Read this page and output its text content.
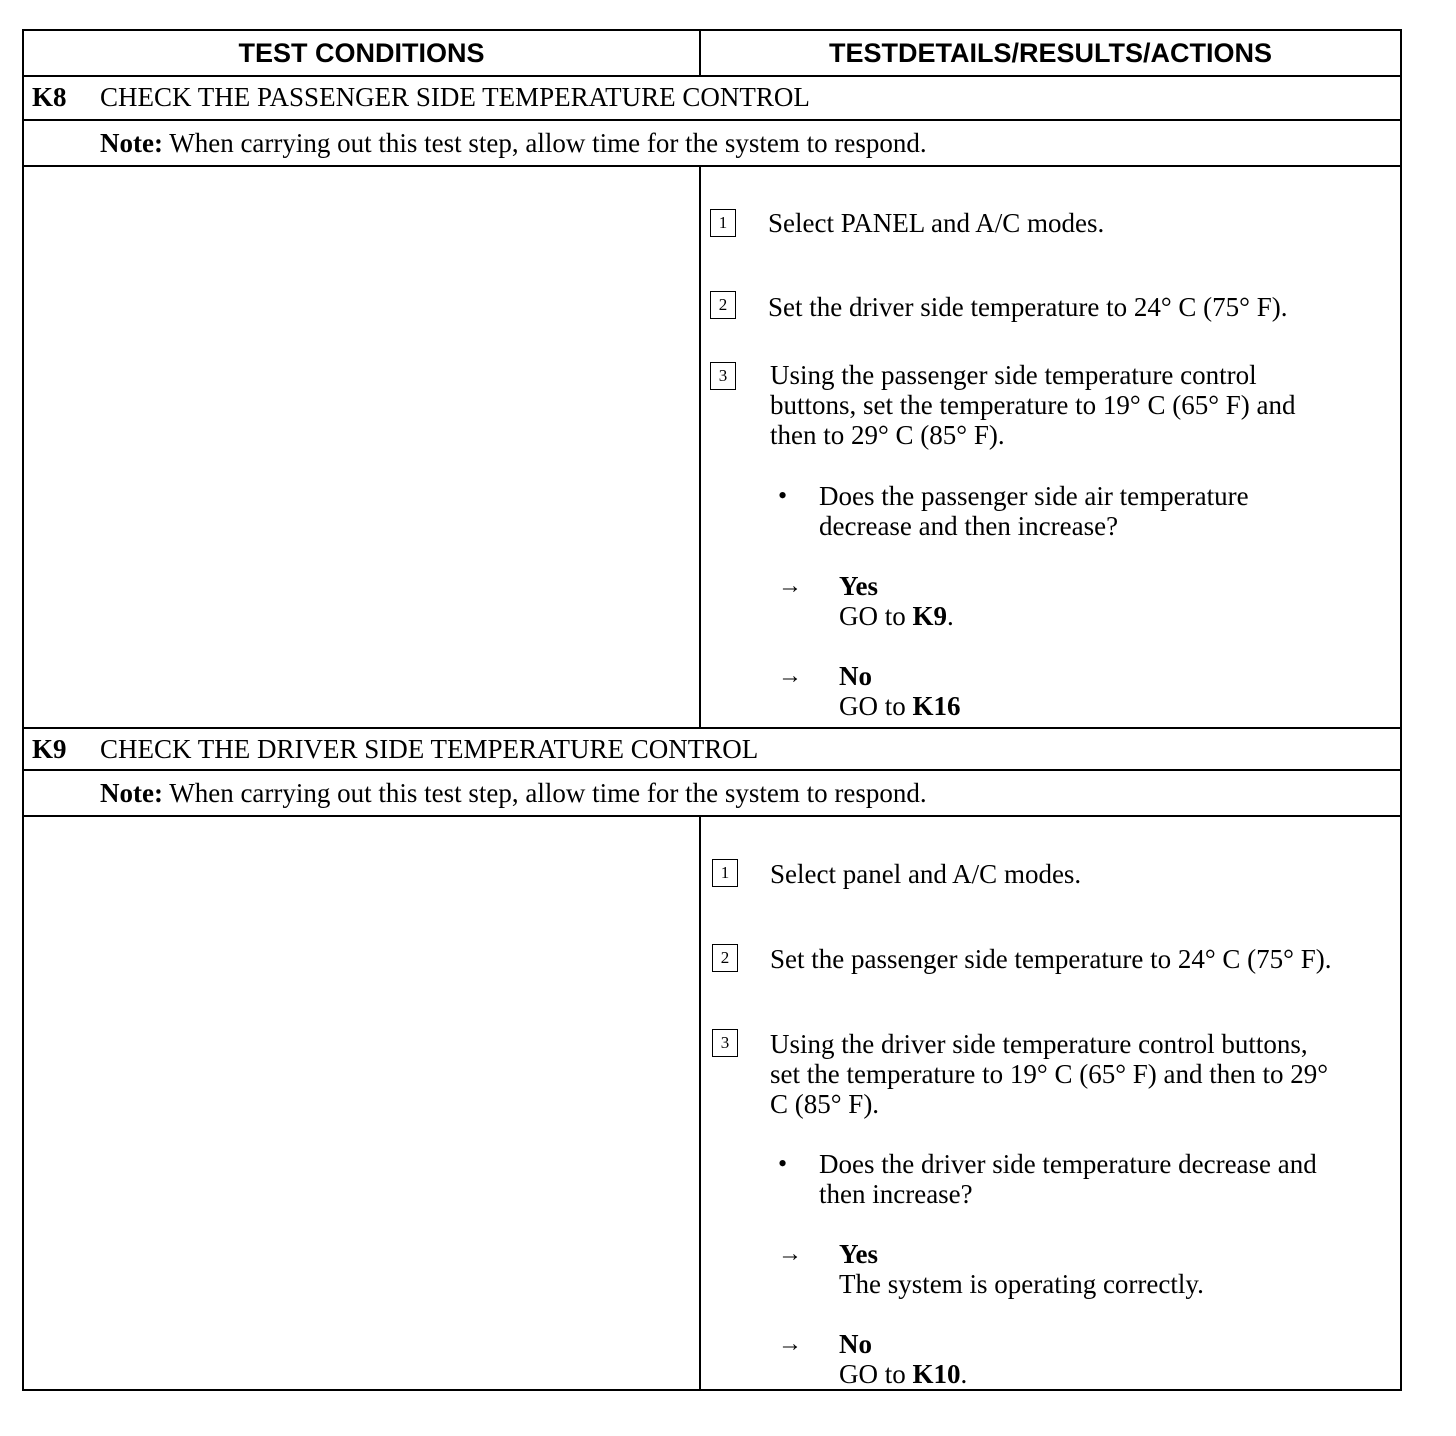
TEST CONDITIONS	TESTDETAILS/RESULTS/ACTIONS
K8 CHECK THE PASSENGER SIDE TEMPERATURE CONTROL
Note: When carrying out this test step, allow time for the system to respond.
1	Select PANEL and A/C modes.
2	Set the driver side temperature to 24° C (75° F).
3	Using the passenger side temperature control
buttons, set the temperature to 19° C (65° F) and
then to 29° C (85° F).
• Does the passenger side air temperature
decrease and then increase?
→ Yes
GO to K9.
→ No
GO to K16
K9 CHECK THE DRIVER SIDE TEMPERATURE CONTROL
Note: When carrying out this test step, allow time for the system to respond.
1	Select panel and A/C modes.
2	Set the passenger side temperature to 24° C (75° F).
3	Using the driver side temperature control buttons,
set the temperature to 19° C (65° F) and then to 29°
C (85° F).
• Does the driver side temperature decrease and
then increase?
→ Yes
The system is operating correctly.
→ No
GO to K10.
